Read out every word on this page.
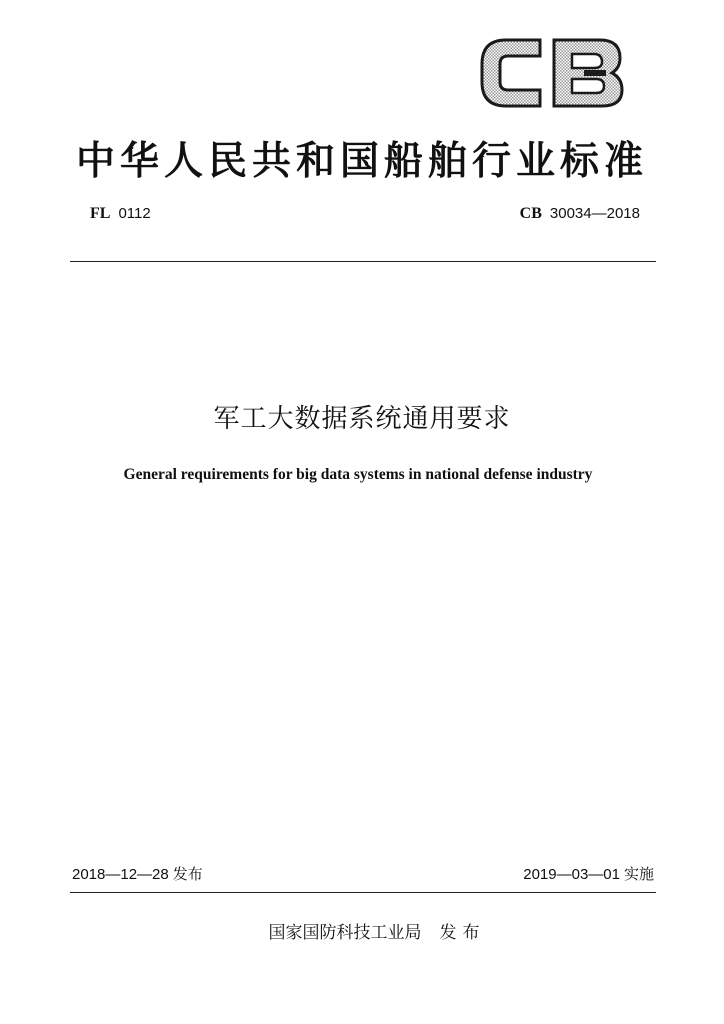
中华人民共和国船舶行业标准
FL 0112	CB 30034—2018
军工大数据系统通用要求
General requirements for big data systems in national defense industry
2018—12—28 发布	2019—03—01 实施
国家国防科技工业局 发布
